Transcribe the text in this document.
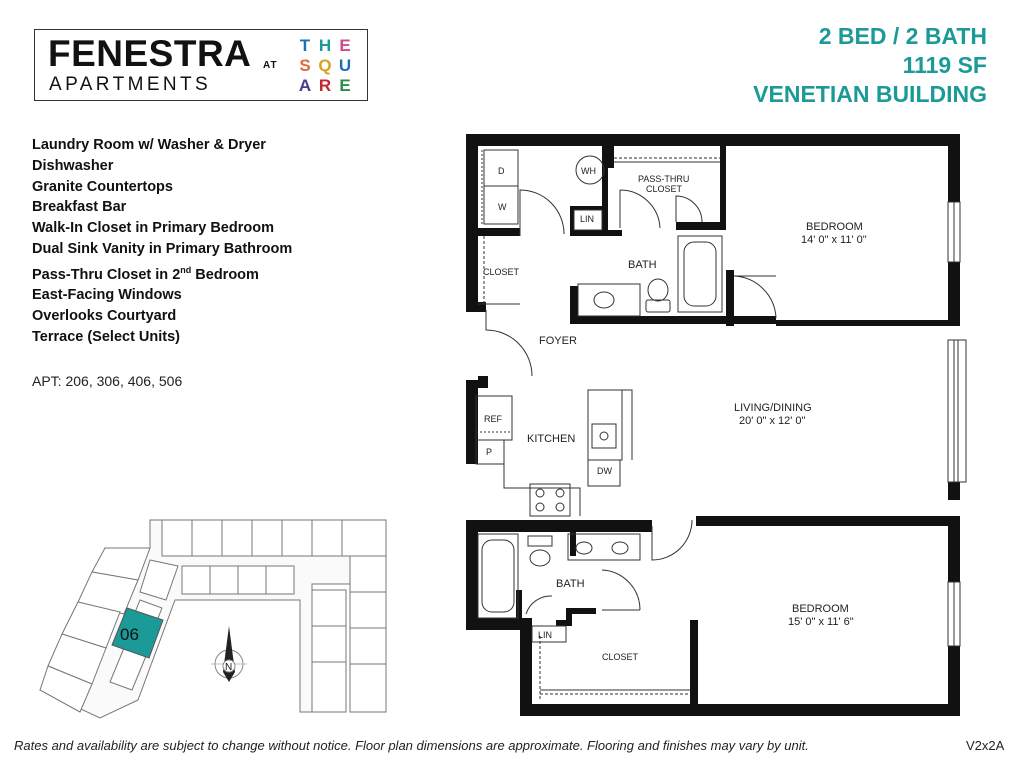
FENESTRA
APARTMENTS
AT
T H E
S Q U
A R E
2 BED / 2 BATH
1119 SF
VENETIAN BUILDING
Laundry Room w/ Washer & Dryer
Dishwasher
Granite Countertops
Breakfast Bar
Walk-In Closet in Primary Bedroom
Dual Sink Vanity in Primary Bathroom
Pass-Thru Closet in 2nd Bedroom
East-Facing Windows
Overlooks Courtyard
Terrace (Select Units)
APT: 206, 306, 406, 506
06
N
D
W
WH
PASS-THRU
CLOSET
LIN
BATH
CLOSET
BEDROOM
14' 0" x 11' 0"
FOYER
LIVING/DINING
20' 0" x 12' 0"
REF
P
KITCHEN
DW
BATH
LIN
CLOSET
BEDROOM
15' 0" x 11' 6"
Rates and availability are subject to change without notice. Floor plan dimensions are approximate. Flooring and finishes may vary by unit.	V2x2A
